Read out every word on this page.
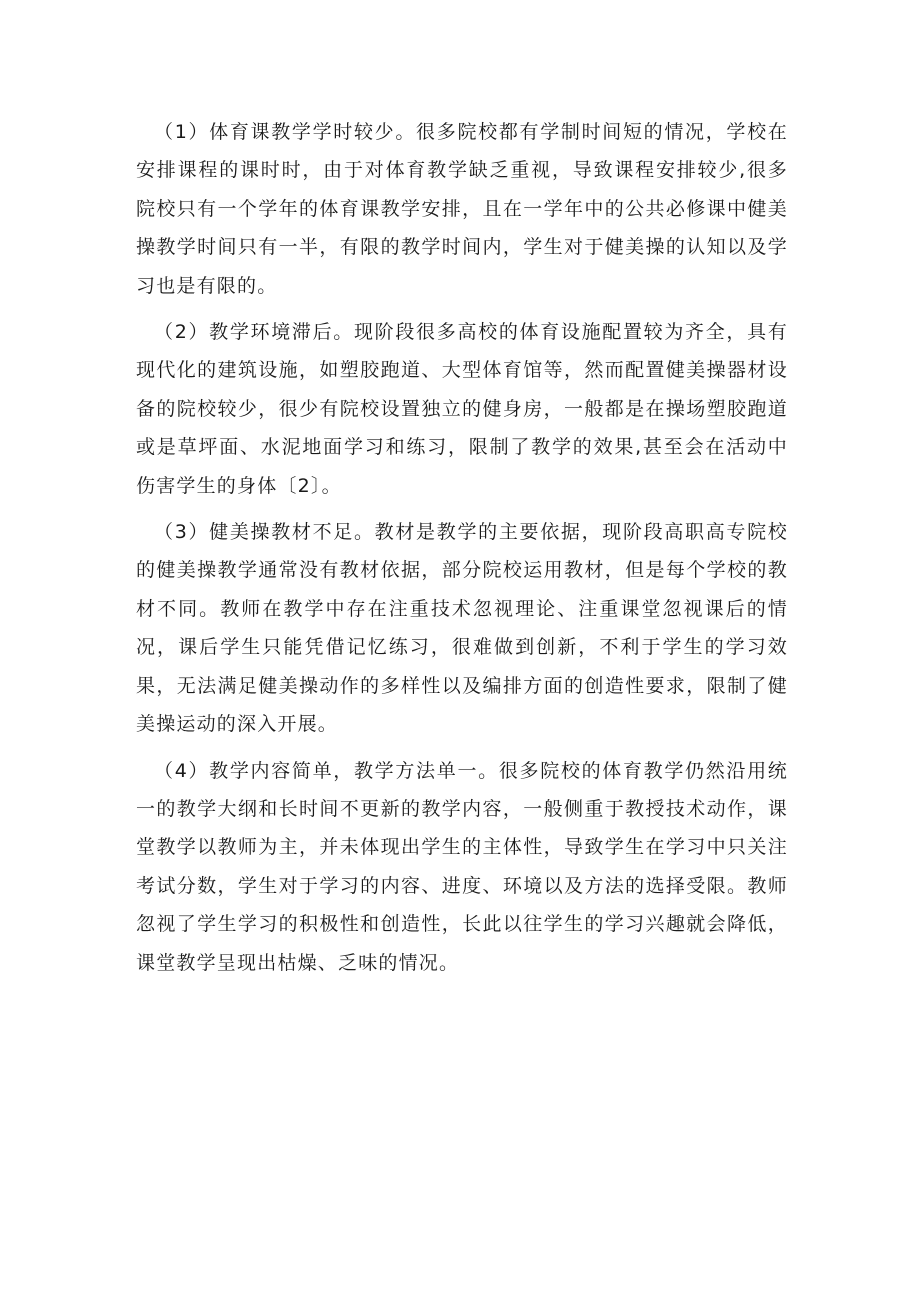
（1）体育课教学学时较少。很多院校都有学制时间短的情况，学校在安排课程的课时时，由于对体育教学缺乏重视，导致课程安排较少,很多院校只有一个学年的体育课教学安排，且在一学年中的公共必修课中健美操教学时间只有一半，有限的教学时间内，学生对于健美操的认知以及学习也是有限的。

（2）教学环境滞后。现阶段很多高校的体育设施配置较为齐全，具有现代化的建筑设施，如塑胶跑道、大型体育馆等，然而配置健美操器材设备的院校较少，很少有院校设置独立的健身房，一般都是在操场塑胶跑道或是草坪面、水泥地面学习和练习，限制了教学的效果,甚至会在活动中伤害学生的身体〔2〕。

（3）健美操教材不足。教材是教学的主要依据，现阶段高职高专院校的健美操教学通常没有教材依据，部分院校运用教材，但是每个学校的教材不同。教师在教学中存在注重技术忽视理论、注重课堂忽视课后的情况，课后学生只能凭借记忆练习，很难做到创新，不利于学生的学习效果，无法满足健美操动作的多样性以及编排方面的创造性要求，限制了健美操运动的深入开展。

（4）教学内容简单，教学方法单一。很多院校的体育教学仍然沿用统一的教学大纲和长时间不更新的教学内容，一般侧重于教授技术动作，课堂教学以教师为主，并未体现出学生的主体性，导致学生在学习中只关注考试分数，学生对于学习的内容、进度、环境以及方法的选择受限。教师忽视了学生学习的积极性和创造性，长此以往学生的学习兴趣就会降低，课堂教学呈现出枯燥、乏味的情况。
